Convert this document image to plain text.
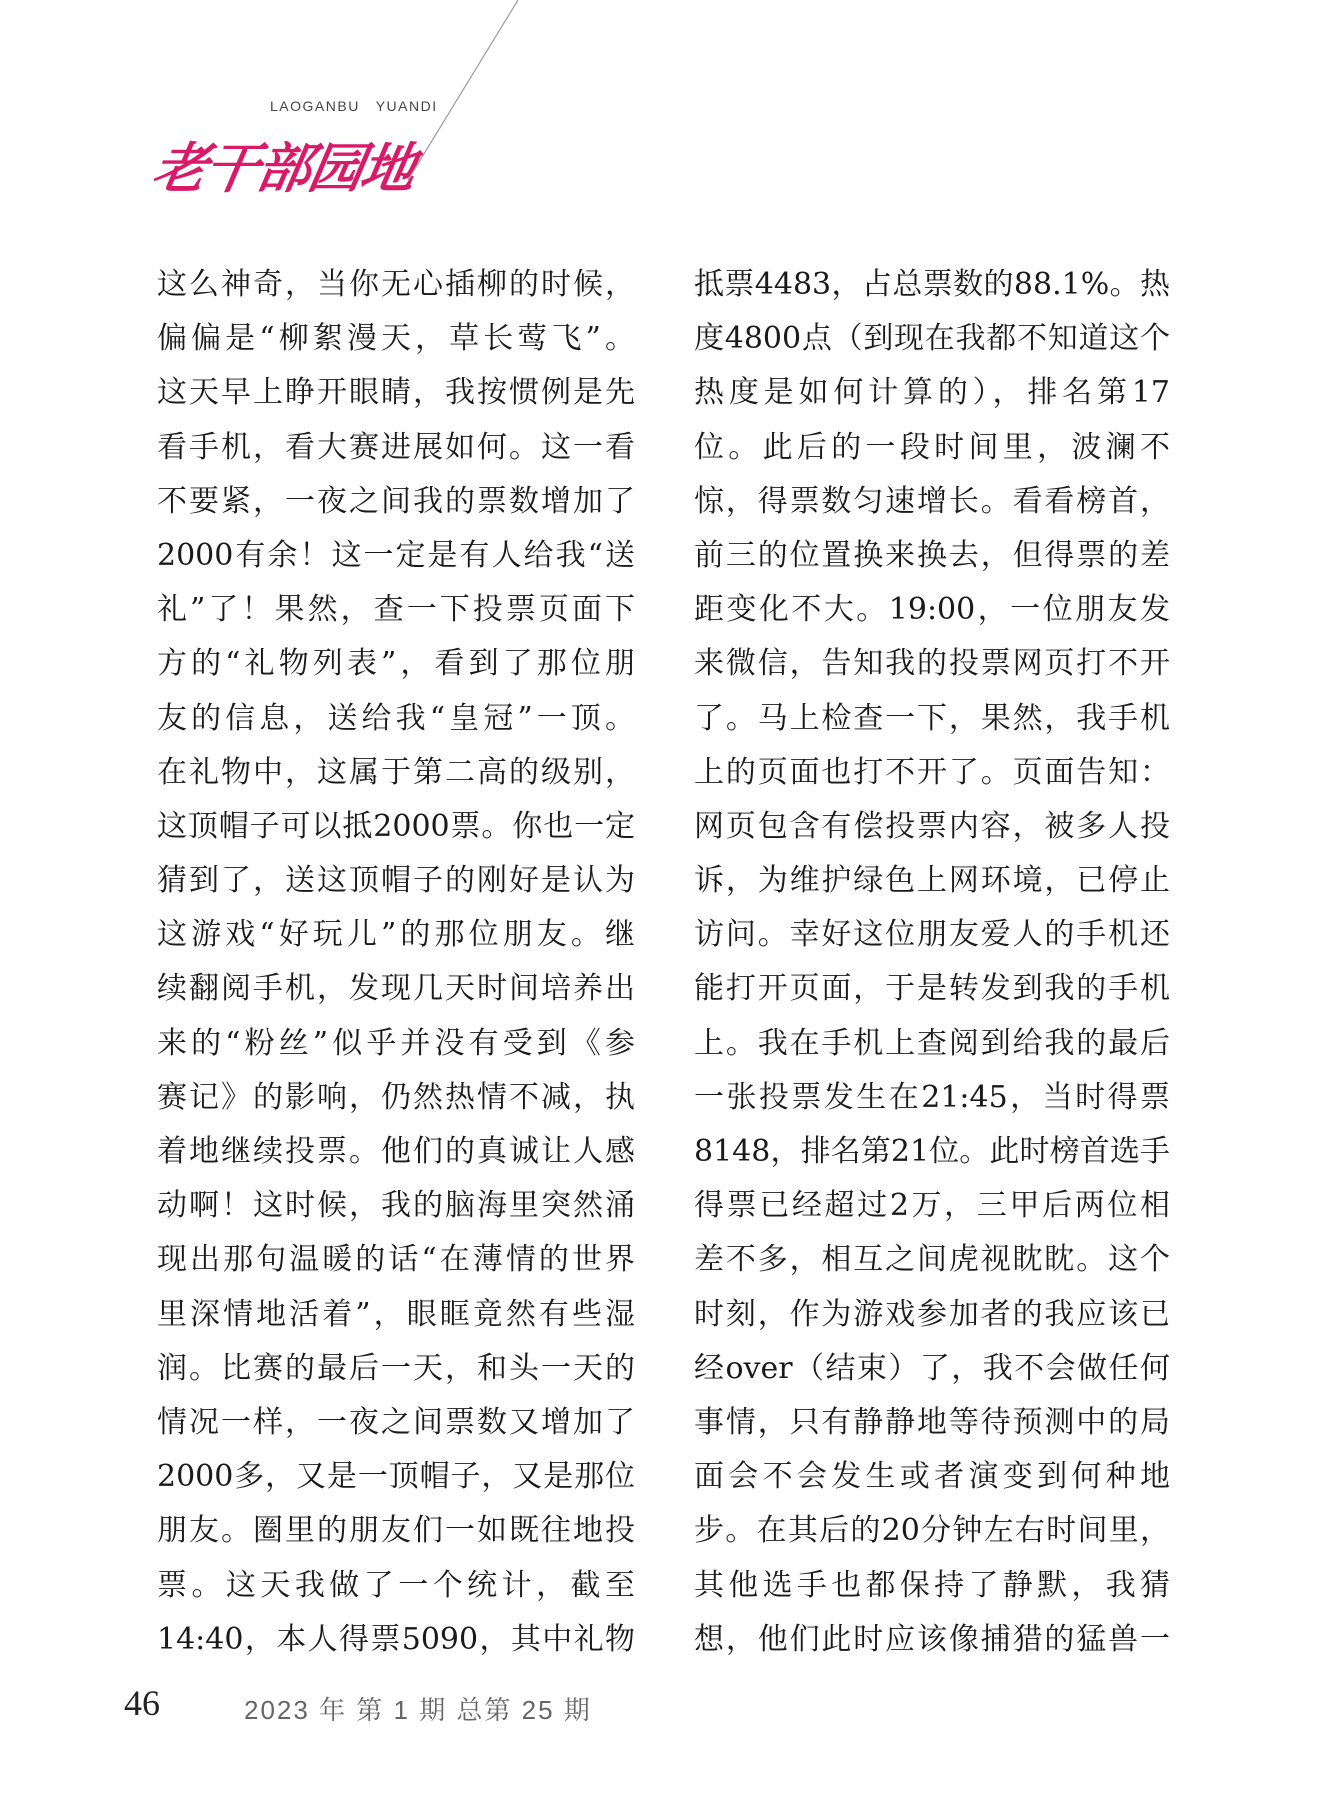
LAOGANBU   YUANDI
老干部园地
这么神奇，当你无心插柳的时候，
偏偏是“柳絮漫天，草长莺飞”。
这天早上睁开眼睛，我按惯例是先
看手机，看大赛进展如何。这一看
不要紧，一夜之间我的票数增加了
2000有余！这一定是有人给我“送
礼”了！果然，查一下投票页面下
方的“礼物列表”，看到了那位朋
友的信息，送给我“皇冠”一顶。
在礼物中，这属于第二高的级别，
这顶帽子可以抵2000票。你也一定
猜到了，送这顶帽子的刚好是认为
这游戏“好玩儿”的那位朋友。继
续翻阅手机，发现几天时间培养出
来的“粉丝”似乎并没有受到《参
赛记》的影响，仍然热情不减，执
着地继续投票。他们的真诚让人感
动啊！这时候，我的脑海里突然涌
现出那句温暖的话“在薄情的世界
里深情地活着”，眼眶竟然有些湿
润。比赛的最后一天，和头一天的
情况一样，一夜之间票数又增加了
2000多，又是一顶帽子，又是那位
朋友。圈里的朋友们一如既往地投
票。这天我做了一个统计，截至
14:40，本人得票5090，其中礼物
抵票4483，占总票数的88.1%。热
度4800点（到现在我都不知道这个
热度是如何计算的），排名第17
位。此后的一段时间里，波澜不
惊，得票数匀速增长。看看榜首，
前三的位置换来换去，但得票的差
距变化不大。19:00，一位朋友发
来微信，告知我的投票网页打不开
了。马上检查一下，果然，我手机
上的页面也打不开了。页面告知：
网页包含有偿投票内容，被多人投
诉，为维护绿色上网环境，已停止
访问。幸好这位朋友爱人的手机还
能打开页面，于是转发到我的手机
上。我在手机上查阅到给我的最后
一张投票发生在21:45，当时得票
8148，排名第21位。此时榜首选手
得票已经超过2万，三甲后两位相
差不多，相互之间虎视眈眈。这个
时刻，作为游戏参加者的我应该已
经over（结束）了，我不会做任何
事情，只有静静地等待预测中的局
面会不会发生或者演变到何种地
步。在其后的20分钟左右时间里，
其他选手也都保持了静默，我猜
想，他们此时应该像捕猎的猛兽一
46	2023 年 第 1 期 总第 25 期
